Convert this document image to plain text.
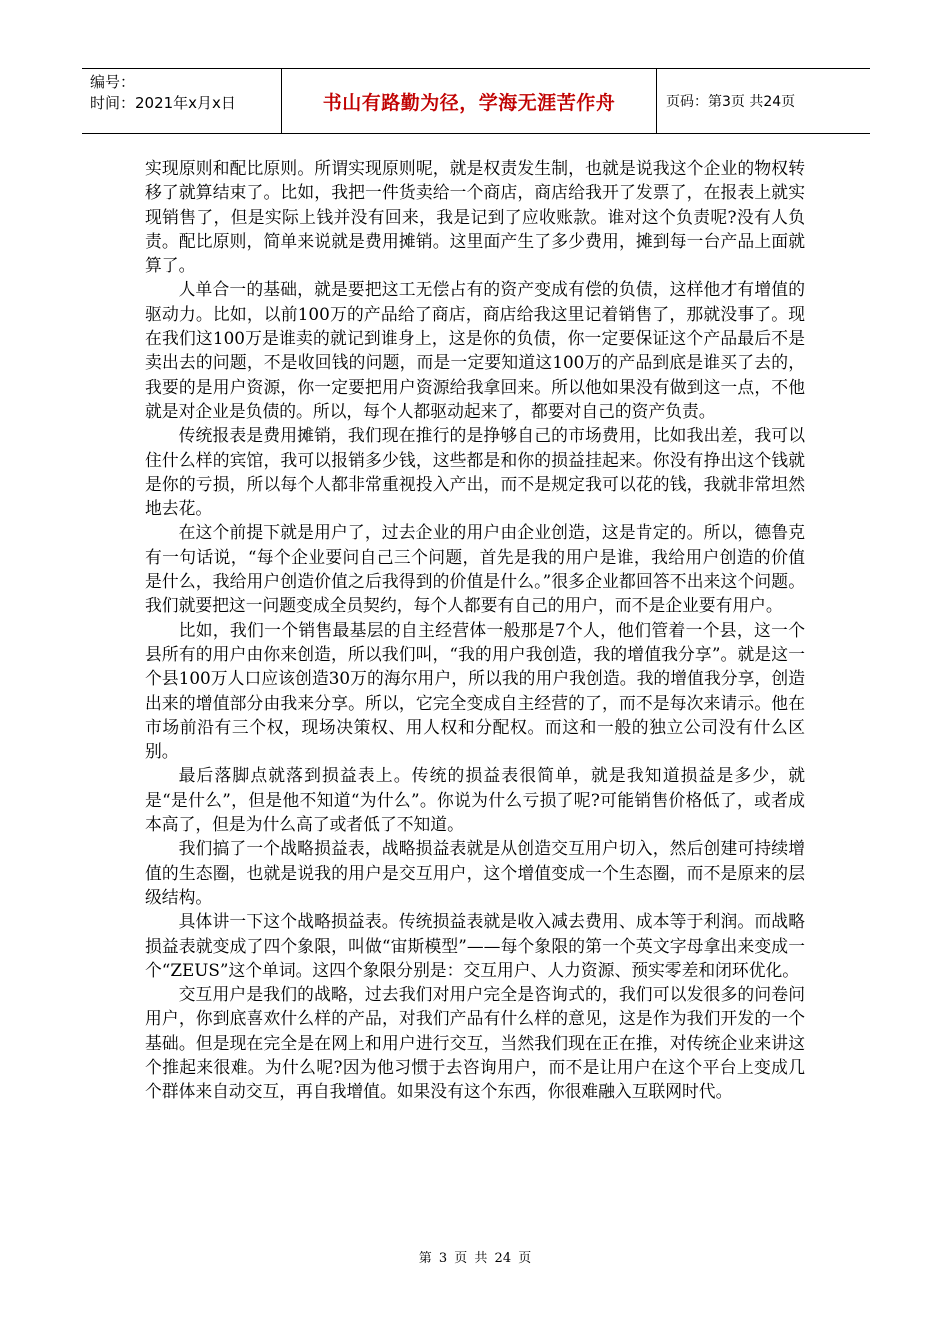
编号：
时间：2021年x月x日	书山有路勤为径，学海无涯苦作舟	页码：第3页 共24页

实现原则和配比原则。所谓实现原则呢，就是权责发生制，也就是说我这个企业的物权转移了就算结束了。比如，我把一件货卖给一个商店，商店给我开了发票了，在报表上就实现销售了，但是实际上钱并没有回来，我是记到了应收账款。谁对这个负责呢?没有人负责。配比原则，简单来说就是费用摊销。这里面产生了多少费用，摊到每一台产品上面就算了。

人单合一的基础，就是要把这工无偿占有的资产变成有偿的负债，这样他才有增值的驱动力。比如，以前100万的产品给了商店，商店给我这里记着销售了，那就没事了。现在我们这100万是谁卖的就记到谁身上，这是你的负债，你一定要保证这个产品最后不是卖出去的问题，不是收回钱的问题，而是一定要知道这100万的产品到底是谁买了去的，我要的是用户资源，你一定要把用户资源给我拿回来。所以他如果没有做到这一点，不他就是对企业是负债的。所以，每个人都驱动起来了，都要对自己的资产负责。

传统报表是费用摊销，我们现在推行的是挣够自己的市场费用，比如我出差，我可以住什么样的宾馆，我可以报销多少钱，这些都是和你的损益挂起来。你没有挣出这个钱就是你的亏损，所以每个人都非常重视投入产出，而不是规定我可以花的钱，我就非常坦然地去花。

在这个前提下就是用户了，过去企业的用户由企业创造，这是肯定的。所以，德鲁克有一句话说，“每个企业要问自己三个问题，首先是我的用户是谁，我给用户创造的价值是什么，我给用户创造价值之后我得到的价值是什么。”很多企业都回答不出来这个问题。我们就要把这一问题变成全员契约，每个人都要有自己的用户，而不是企业要有用户。

比如，我们一个销售最基层的自主经营体一般那是7个人，他们管着一个县，这一个县所有的用户由你来创造，所以我们叫，“我的用户我创造，我的增值我分享”。就是这一个县100万人口应该创造30万的海尔用户，所以我的用户我创造。我的增值我分享，创造出来的增值部分由我来分享。所以，它完全变成自主经营的了，而不是每次来请示。他在市场前沿有三个权，现场决策权、用人权和分配权。而这和一般的独立公司没有什么区别。

最后落脚点就落到损益表上。传统的损益表很简单，就是我知道损益是多少，就是“是什么”，但是他不知道“为什么”。你说为什么亏损了呢?可能销售价格低了，或者成本高了，但是为什么高了或者低了不知道。

我们搞了一个战略损益表，战略损益表就是从创造交互用户切入，然后创建可持续增值的生态圈，也就是说我的用户是交互用户，这个增值变成一个生态圈，而不是原来的层级结构。

具体讲一下这个战略损益表。传统损益表就是收入减去费用、成本等于利润。而战略损益表就变成了四个象限，叫做“宙斯模型”——每个象限的第一个英文字母拿出来变成一个“ZEUS”这个单词。这四个象限分别是：交互用户、人力资源、预实零差和闭环优化。

交互用户是我们的战略，过去我们对用户完全是咨询式的，我们可以发很多的问卷问用户，你到底喜欢什么样的产品，对我们产品有什么样的意见，这是作为我们开发的一个基础。但是现在完全是在网上和用户进行交互，当然我们现在正在推，对传统企业来讲这个推起来很难。为什么呢?因为他习惯于去咨询用户，而不是让用户在这个平台上变成几个群体来自动交互，再自我增值。如果没有这个东西，你很难融入互联网时代。

第 3 页 共 24 页
